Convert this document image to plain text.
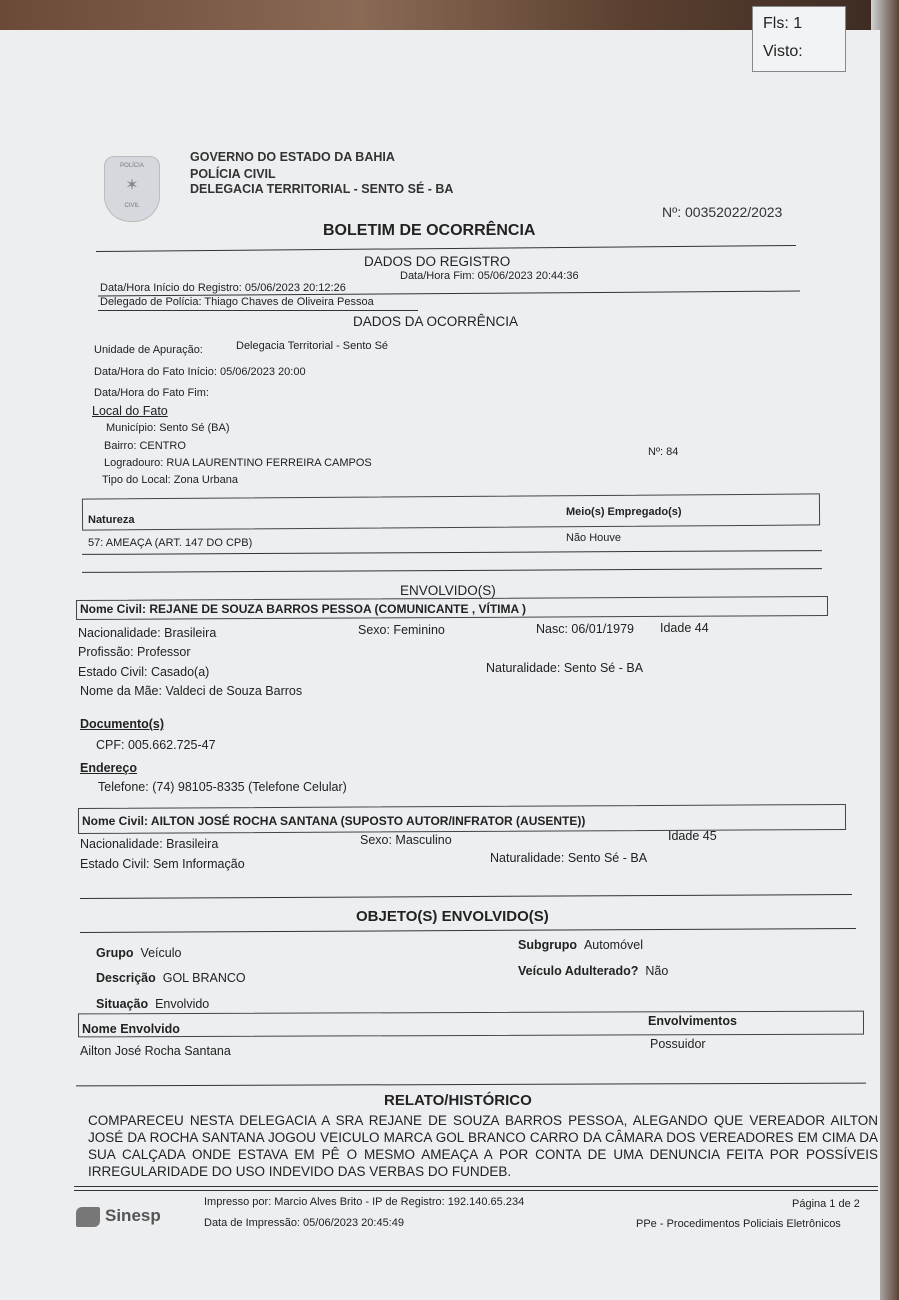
Fls: 1
Visto:
POLÍCIA
✶
CIVIL
GOVERNO DO ESTADO DA BAHIA
POLÍCIA CIVIL
DELEGACIA TERRITORIAL - SENTO SÉ - BA
Nº: 00352022/2023
BOLETIM DE OCORRÊNCIA
DADOS DO REGISTRO
Data/Hora Início do Registro: 05/06/2023 20:12:26
Data/Hora Fim: 05/06/2023 20:44:36
Delegado de Polícia: Thiago Chaves de Oliveira Pessoa
DADOS DA OCORRÊNCIA
Unidade de Apuração:	Delegacia Territorial - Sento Sé
Data/Hora do Fato Início: 05/06/2023 20:00
Data/Hora do Fato Fim:
Local do Fato
Município: Sento Sé (BA)
Bairro: CENTRO
Logradouro: RUA LAURENTINO FERREIRA CAMPOS
Nº: 84
Tipo do Local: Zona Urbana
Natureza
Meio(s) Empregado(s)
57: AMEAÇA (ART. 147 DO CPB)	Não Houve
ENVOLVIDO(S)
Nome Civil: REJANE DE SOUZA BARROS PESSOA (COMUNICANTE , VÍTIMA )
Nacionalidade: Brasileira	Sexo: Feminino	Nasc: 06/01/1979 Idade 44
Profissão: Professor
Estado Civil: Casado(a)	Naturalidade: Sento Sé - BA
Nome da Mãe: Valdeci de Souza Barros
Documento(s)
CPF: 005.662.725-47
Endereço
Telefone: (74) 98105-8335 (Telefone Celular)
Nome Civil: AILTON JOSÉ ROCHA SANTANA (SUPOSTO AUTOR/INFRATOR (AUSENTE))
Nacionalidade: Brasileira	Sexo: Masculino	Idade 45
Estado Civil: Sem Informação	Naturalidade: Sento Sé - BA
OBJETO(S) ENVOLVIDO(S)
Grupo Veículo
Subgrupo Automóvel
Descrição GOL BRANCO	Veículo Adulterado? Não
Situação Envolvido
Nome Envolvido
Envolvimentos
Ailton José Rocha Santana	Possuidor
RELATO/HISTÓRICO
COMPARECEU NESTA DELEGACIA A SRA REJANE DE SOUZA BARROS PESSOA, ALEGANDO QUE VEREADOR AILTON JOSÉ DA ROCHA SANTANA JOGOU VEICULO MARCA GOL BRANCO CARRO DA CÂMARA DOS VEREADORES EM CIMA DA SUA CALÇADA ONDE ESTAVA EM PÊ O MESMO AMEAÇA A POR CONTA DE UMA DENUNCIA FEITA POR POSSÍVEIS IRREGULARIDADE DO USO INDEVIDO DAS VERBAS DO FUNDEB.
Sinesp
Impresso por: Marcio Alves Brito - IP de Registro: 192.140.65.234
Data de Impressão: 05/06/2023 20:45:49
Página 1 de 2
PPe - Procedimentos Policiais Eletrônicos
